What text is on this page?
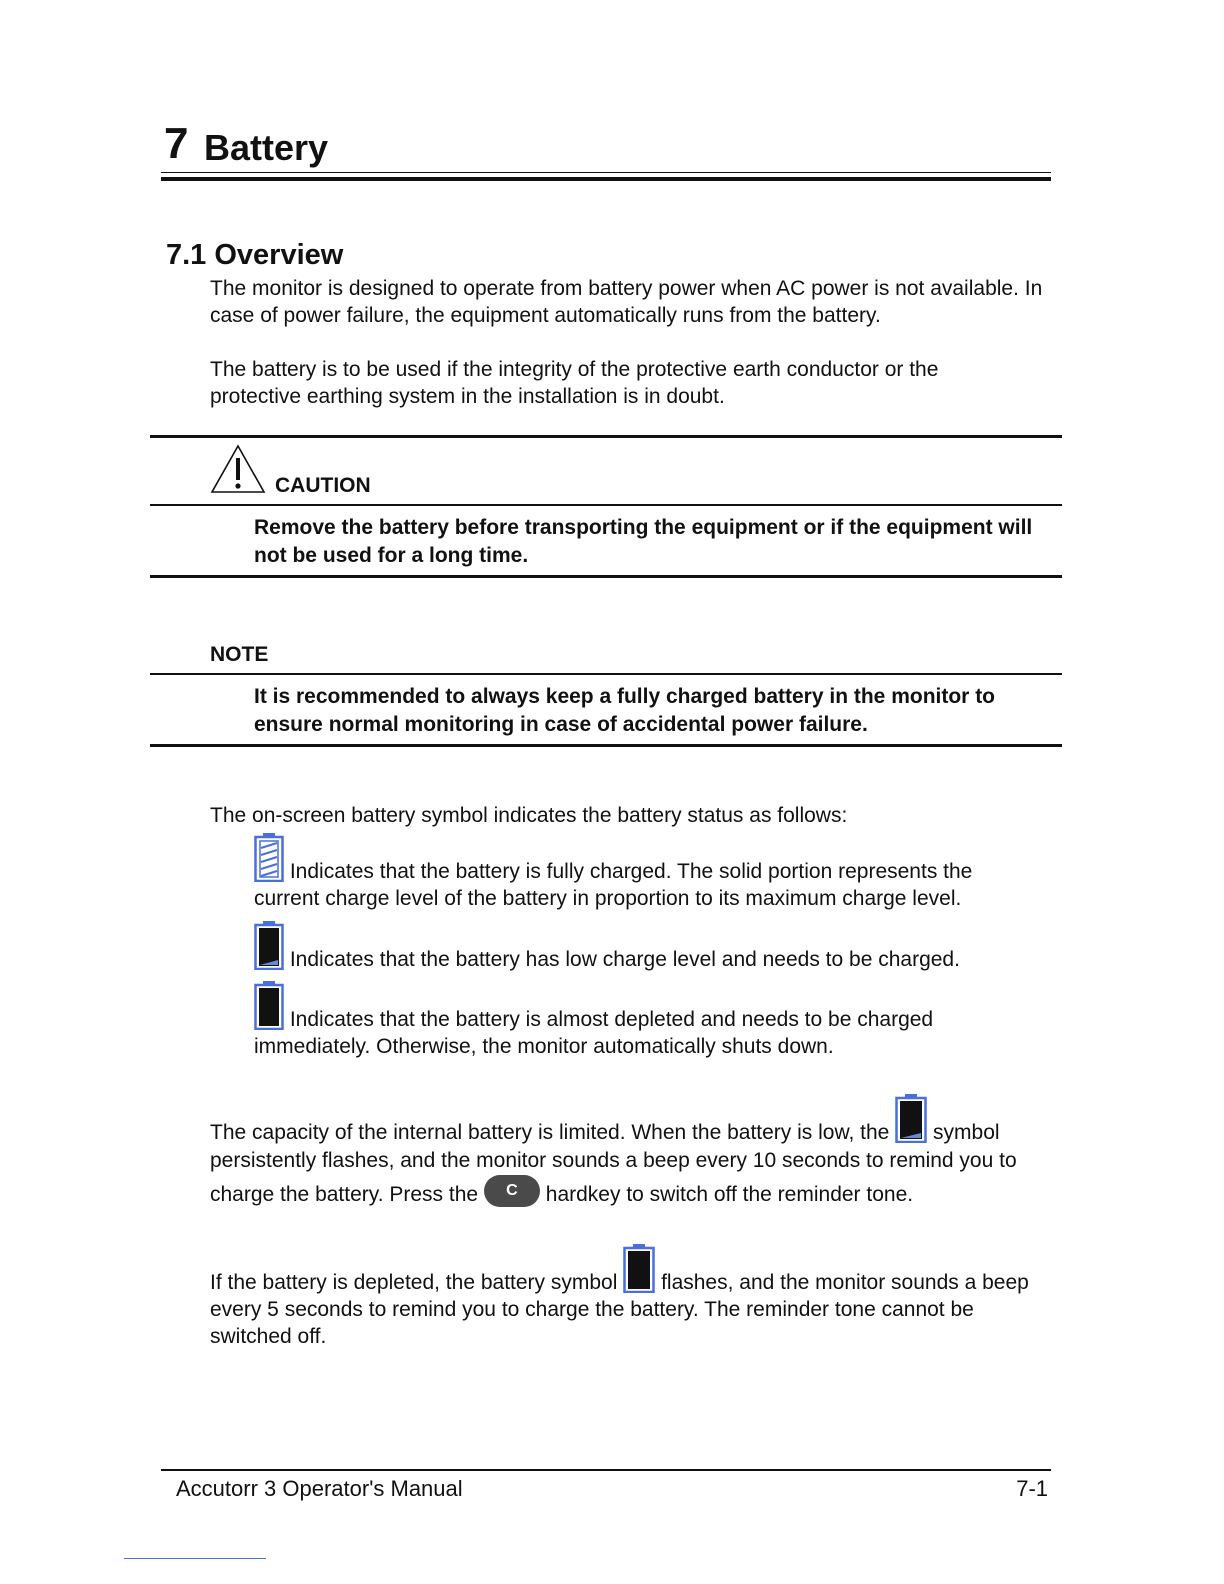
7 Battery
7.1 Overview
The monitor is designed to operate from battery power when AC power is not available. In case of power failure, the equipment automatically runs from the battery.
The battery is to be used if the integrity of the protective earth conductor or the protective earthing system in the installation is in doubt.
CAUTION
Remove the battery before transporting the equipment or if the equipment will not be used for a long time.
NOTE
It is recommended to always keep a fully charged battery in the monitor to ensure normal monitoring in case of accidental power failure.
The on-screen battery symbol indicates the battery status as follows:
Indicates that the battery is fully charged. The solid portion represents the current charge level of the battery in proportion to its maximum charge level.
Indicates that the battery has low charge level and needs to be charged.
Indicates that the battery is almost depleted and needs to be charged immediately. Otherwise, the monitor automatically shuts down.
The capacity of the internal battery is limited. When the battery is low, the symbol persistently flashes, and the monitor sounds a beep every 10 seconds to remind you to charge the battery. Press the C hardkey to switch off the reminder tone.
If the battery is depleted, the battery symbol flashes, and the monitor sounds a beep every 5 seconds to remind you to charge the battery. The reminder tone cannot be switched off.
Accutorr 3 Operator's Manual	7-1
